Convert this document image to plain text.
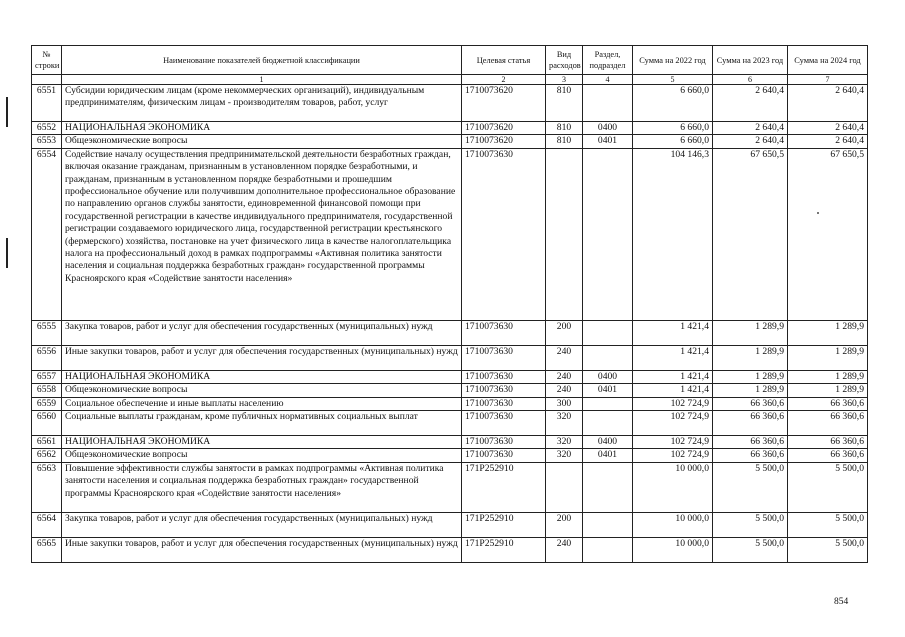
№ строки	Наименование показателей бюджетной классификации	Целевая статья	Вид расходов	Раздел, подраздел	Сумма на 2022 год	Сумма на 2023 год	Сумма на 2024 год
	1	2	3	4	5	6	7
6551	Субсидии юридическим лицам (кроме некоммерческих организаций), индивидуальным предпринимателям, физическим лицам - производителям товаров, работ, услуг	1710073620	810		6 660,0	2 640,4	2 640,4
6552	НАЦИОНАЛЬНАЯ ЭКОНОМИКА	1710073620	810	0400	6 660,0	2 640,4	2 640,4
6553	Общеэкономические вопросы	1710073620	810	0401	6 660,0	2 640,4	2 640,4
6554	Содействие началу осуществления предпринимательской деятельности безработных граждан, включая оказание гражданам, признанным в установленном порядке безработными, и гражданам, признанным в установленном порядке безработными и прошедшим профессиональное обучение или получившим дополнительное профессиональное образование по направлению органов службы занятости, единовременной финансовой помощи при государственной регистрации в качестве индивидуального предпринимателя, государственной регистрации создаваемого юридического лица, государственной регистрации крестьянского (фермерского) хозяйства, постановке на учет физического лица в качестве налогоплательщика налога на профессиональный доход в рамках подпрограммы «Активная политика занятости населения и социальная поддержка безработных граждан» государственной программы Красноярского края «Содействие занятости населения»	1710073630			104 146,3	67 650,5	67 650,5
6555	Закупка товаров, работ и услуг для обеспечения государственных (муниципальных) нужд	1710073630	200		1 421,4	1 289,9	1 289,9
6556	Иные закупки товаров, работ и услуг для обеспечения государственных (муниципальных) нужд	1710073630	240		1 421,4	1 289,9	1 289,9
6557	НАЦИОНАЛЬНАЯ ЭКОНОМИКА	1710073630	240	0400	1 421,4	1 289,9	1 289,9
6558	Общеэкономические вопросы	1710073630	240	0401	1 421,4	1 289,9	1 289,9
6559	Социальное обеспечение и иные выплаты населению	1710073630	300		102 724,9	66 360,6	66 360,6
6560	Социальные выплаты гражданам, кроме публичных нормативных социальных выплат	1710073630	320		102 724,9	66 360,6	66 360,6
6561	НАЦИОНАЛЬНАЯ ЭКОНОМИКА	1710073630	320	0400	102 724,9	66 360,6	66 360,6
6562	Общеэкономические вопросы	1710073630	320	0401	102 724,9	66 360,6	66 360,6
6563	Повышение эффективности службы занятости в рамках подпрограммы «Активная политика занятости населения и социальная поддержка безработных граждан» государственной программы Красноярского края «Содействие занятости населения»	171P252910			10 000,0	5 500,0	5 500,0
6564	Закупка товаров, работ и услуг для обеспечения государственных (муниципальных) нужд	171P252910	200		10 000,0	5 500,0	5 500,0
6565	Иные закупки товаров, работ и услуг для обеспечения государственных (муниципальных) нужд	171P252910	240		10 000,0	5 500,0	5 500,0
854
